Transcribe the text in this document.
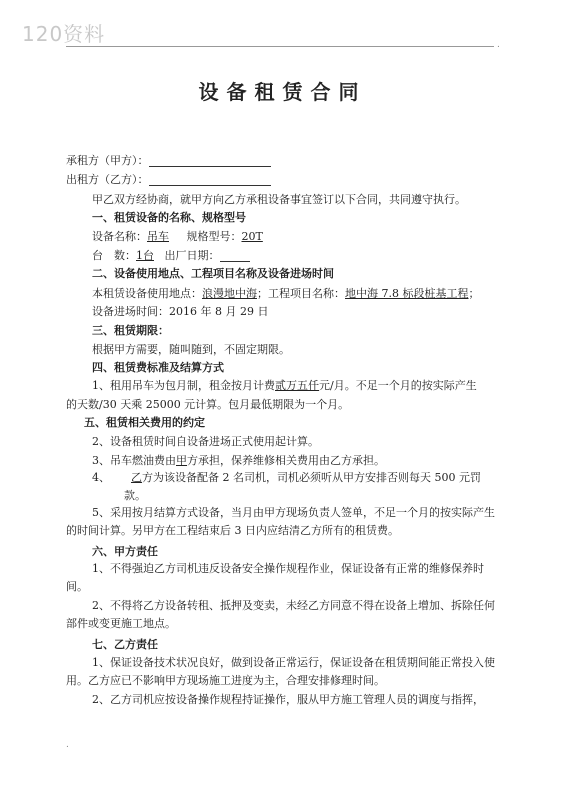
120资料	.
设备租赁合同
承租方（甲方）：
出租方（乙方）：
甲乙双方经协商，就甲方向乙方承租设备事宜签订以下合同，共同遵守执行。
一、租赁设备的名称、规格型号
设备名称：吊车 规格型号：20T
台　数：1台 出厂日期：
二、设备使用地点、工程项目名称及设备进场时间
本租赁设备使用地点：浪漫地中海；工程项目名称：地中海 7.8 标段桩基工程；
设备进场时间：2016 年 8 月 29 日
三、租赁期限：
根据甲方需要，随叫随到，不固定期限。
四、租赁费标准及结算方式
1、租用吊车为包月制，租金按月计费贰万五仟元/月。不足一个月的按实际产生
的天数/30 天乘 25000 元计算。包月最低期限为一个月。
五、租赁相关费用的约定
2、设备租赁时间自设备进场正式使用起计算。
3、吊车燃油费由甲方承担，保养维修相关费用由乙方承担。
4、 乙方为该设备配备 2 名司机，司机必须听从甲方安排否则每天 500 元罚
款。
5、采用按月结算方式设备，当月由甲方现场负责人签单，不足一个月的按实际产生的时间计算。另甲方在工程结束后 3 日内应结清乙方所有的租赁费。
六、甲方责任
1、不得强迫乙方司机违反设备安全操作规程作业，保证设备有正常的维修保养时间。
2、不得将乙方设备转租、抵押及变卖，未经乙方同意不得在设备上增加、拆除任何部件或变更施工地点。
七、乙方责任
1、保证设备技术状况良好，做到设备正常运行，保证设备在租赁期间能正常投入使用。乙方应已不影响甲方现场施工进度为主，合理安排修理时间。
2、乙方司机应按设备操作规程持证操作，服从甲方施工管理人员的调度与指挥，
.
